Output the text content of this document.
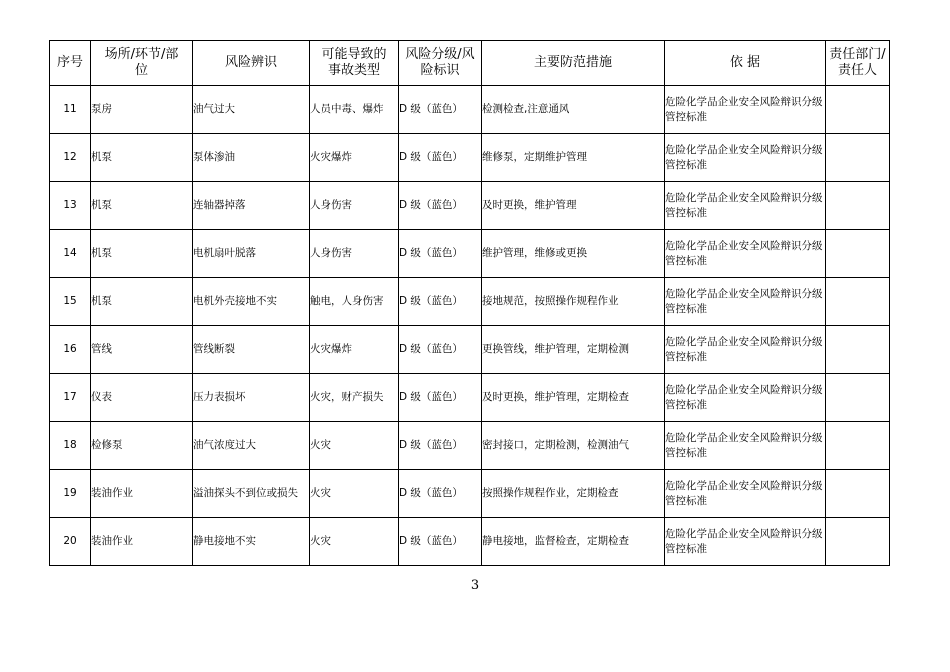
序号	场所/环节/部位	风险辨识	可能导致的事故类型	风险分级/风险标识	主要防范措施	依 据	责任部门/责任人
11	泵房	油气过大	人员中毒、爆炸	D 级（蓝色）	检测检查,注意通风	危险化学品企业安全风险辩识分级管控标准	
12	机泵	泵体渗油	火灾爆炸	D 级（蓝色）	维修泵，定期维护管理	危险化学品企业安全风险辩识分级管控标准	
13	机泵	连轴器掉落	人身伤害	D 级（蓝色）	及时更换，维护管理	危险化学品企业安全风险辩识分级管控标准	
14	机泵	电机扇叶脱落	人身伤害	D 级（蓝色）	维护管理，维修或更换	危险化学品企业安全风险辩识分级管控标准	
15	机泵	电机外壳接地不实	触电，人身伤害	D 级（蓝色）	接地规范，按照操作规程作业	危险化学品企业安全风险辩识分级管控标准	
16	管线	管线断裂	火灾爆炸	D 级（蓝色）	更换管线，维护管理，定期检测	危险化学品企业安全风险辩识分级管控标准	
17	仪表	压力表损坏	火灾，财产损失	D 级（蓝色）	及时更换，维护管理，定期检查	危险化学品企业安全风险辩识分级管控标准	
18	检修泵	油气浓度过大	火灾	D 级（蓝色）	密封接口，定期检测，检测油气	危险化学品企业安全风险辩识分级管控标准	
19	装油作业	溢油探头不到位或损失	火灾	D 级（蓝色）	按照操作规程作业，定期检查	危险化学品企业安全风险辩识分级管控标准	
20	装油作业	静电接地不实	火灾	D 级（蓝色）	静电接地，监督检查，定期检查	危险化学品企业安全风险辩识分级管控标准	
3
